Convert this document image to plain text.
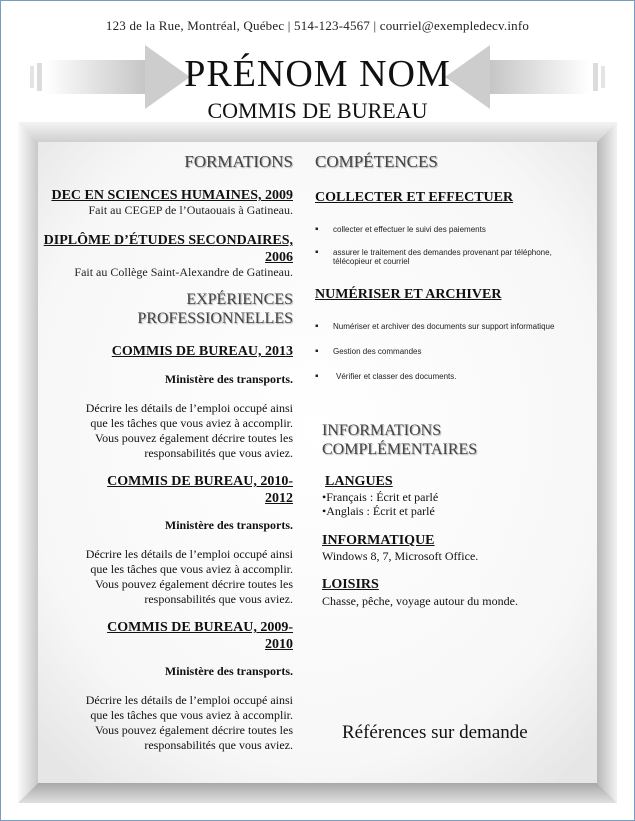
123 de la Rue, Montréal, Québec | 514-123-4567 | courriel@exempledecv.info
PRÉNOM NOM
COMMIS DE BUREAU
FORMATIONS
DEC EN SCIENCES HUMAINES, 2009
Fait au CEGEP de l’Outaouais à Gatineau.
DIPLÔME D’ÉTUDES SECONDAIRES,
2006
Fait au Collège Saint-Alexandre de Gatineau.
EXPÉRIENCES
PROFESSIONNELLES
COMMIS DE BUREAU, 2013
Ministère des transports.
Décrire les détails de l’emploi occupé ainsi
que les tâches que vous aviez à accomplir.
Vous pouvez également décrire toutes les
responsabilités que vous aviez.
COMMIS DE BUREAU, 2010-
2012
Ministère des transports.
Décrire les détails de l’emploi occupé ainsi
que les tâches que vous aviez à accomplir.
Vous pouvez également décrire toutes les
responsabilités que vous aviez.
COMMIS DE BUREAU, 2009-
2010
Ministère des transports.
Décrire les détails de l’emploi occupé ainsi
que les tâches que vous aviez à accomplir.
Vous pouvez également décrire toutes les
responsabilités que vous aviez.
COMPÉTENCES
COLLECTER ET EFFECTUER
▪ collecter et effectuer le suivi des paiements
▪ assurer le traitement des demandes provenant par téléphone,
télécopieur et courriel
NUMÉRISER ET ARCHIVER
▪ Numériser et archiver des documents sur support informatique
▪ Gestion des commandes
▪ Vérifier et classer des documents.
INFORMATIONS
COMPLÉMENTAIRES
LANGUES
•Français : Écrit et parlé
•Anglais : Écrit et parlé
INFORMATIQUE
Windows 8, 7, Microsoft Office.
LOISIRS
Chasse, pêche, voyage autour du monde.
Références sur demande
